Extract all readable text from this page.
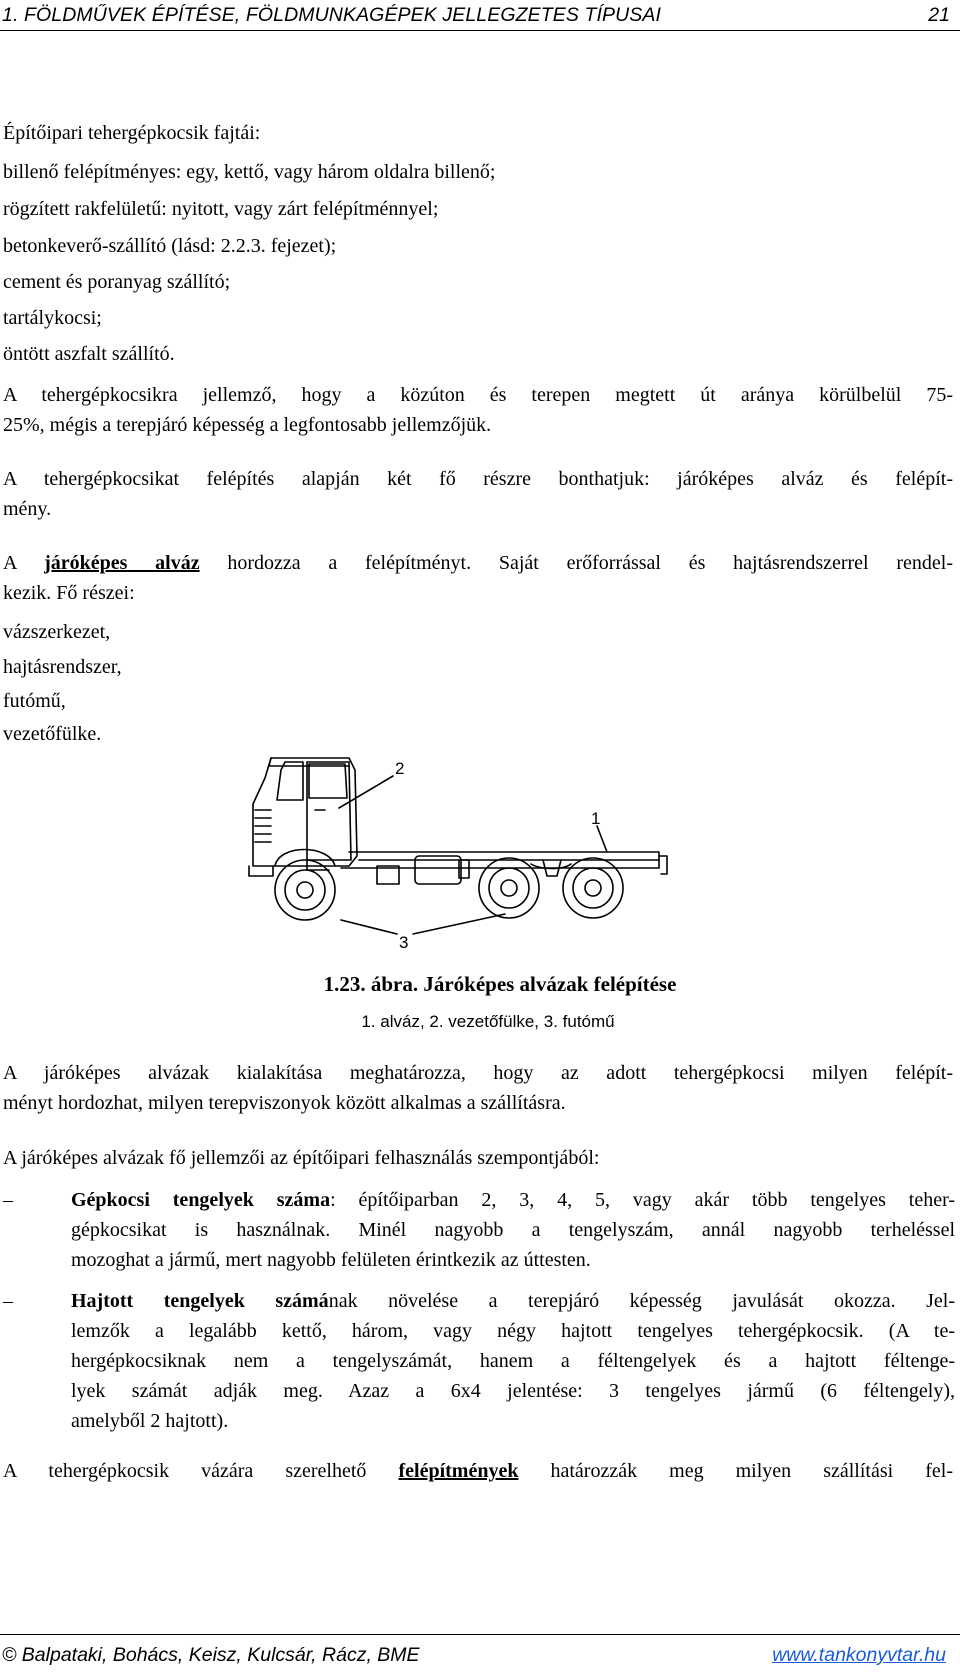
1. FÖLDMŰVEK ÉPÍTÉSE, FÖLDMUNKAGÉPEK JELLEGZETES TÍPUSAI	21
Építőipari tehergépkocsik fajtái:
billenő felépítményes: egy, kettő, vagy három oldalra billenő;
rögzített rakfelületű: nyitott, vagy zárt felépítménnyel;
betonkeverő-szállító (lásd: 2.2.3. fejezet);
cement és poranyag szállító;
tartálykocsi;
öntött aszfalt szállító.
A tehergépkocsikra jellemző, hogy a közúton és terepen megtett út aránya körülbelül 75-
25%, mégis a terepjáró képesség a legfontosabb jellemzőjük.
A tehergépkocsikat felépítés alapján két fő részre bonthatjuk: járóképes alváz és felépít-
mény.
A járóképes alváz hordozza a felépítményt. Saját erőforrással és hajtásrendszerrel rendel-
kezik. Fő részei:
vázszerkezet,
hajtásrendszer,
futómű,
vezetőfülke.
2
1
3
1.23. ábra. Járóképes alvázak felépítése
1. alváz, 2. vezetőfülke, 3. futómű
A járóképes alvázak kialakítása meghatározza, hogy az adott tehergépkocsi milyen felépít-
ményt hordozhat, milyen terepviszonyok között alkalmas a szállításra.
A járóképes alvázak fő jellemzői az építőipari felhasználás szempontjából:
–	Gépkocsi tengelyek száma: építőiparban 2, 3, 4, 5, vagy akár több tengelyes teher-
gépkocsikat is használnak. Minél nagyobb a tengelyszám, annál nagyobb terheléssel
mozoghat a jármű, mert nagyobb felületen érintkezik az úttesten.
–	Hajtott tengelyek számának növelése a terepjáró képesség javulását okozza. Jel-
lemzők a legalább kettő, három, vagy négy hajtott tengelyes tehergépkocsik. (A te-
hergépkocsiknak nem a tengelyszámát, hanem a féltengelyek és a hajtott féltenge-
lyek számát adják meg. Azaz a 6x4 jelentése: 3 tengelyes jármű (6 féltengely),
amelyből 2 hajtott).
A tehergépkocsik vázára szerelhető felépítmények határozzák meg milyen szállítási fel-
© Balpataki, Bohács, Keisz, Kulcsár, Rácz, BME	www.tankonyvtar.hu
